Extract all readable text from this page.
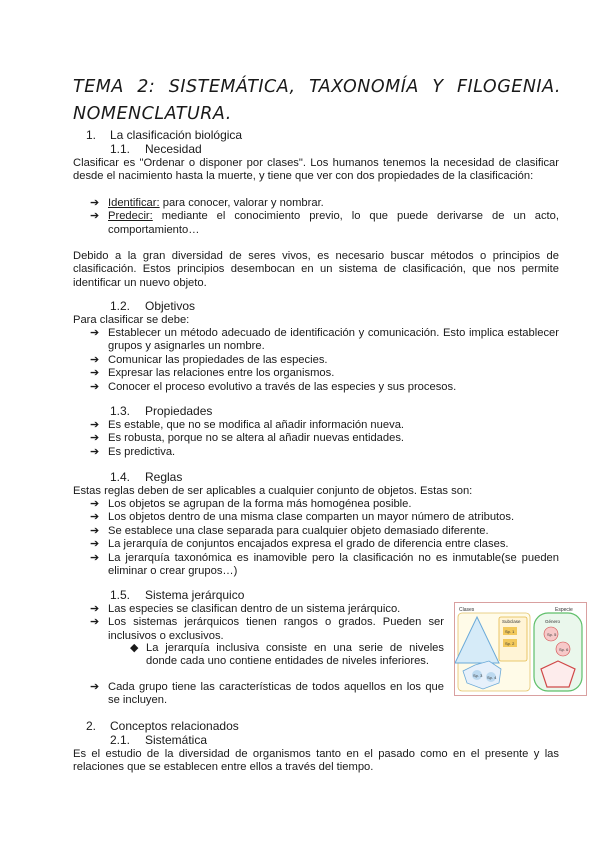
TEMA 2: SISTEMÁTICA, TAXONOMÍA Y FILOGENIA.
NOMENCLATURA.
1. La clasificación biológica
1.1. Necesidad

Clasificar es "Ordenar o disponer por clases". Los humanos tenemos la necesidad de clasificar desde el nacimiento hasta la muerte, y tiene que ver con dos propiedades de la clasificación:

➔ Identificar: para conocer, valorar y nombrar.
➔ Predecir: mediante el conocimiento previo, lo que puede derivarse de un acto, comportamiento…

Debido a la gran diversidad de seres vivos, es necesario buscar métodos o principios de clasificación. Estos principios desembocan en un sistema de clasificación, que nos permite identificar un nuevo objeto.

1.2. Objetivos

Para clasificar se debe:

➔ Establecer un método adecuado de identificación y comunicación. Esto implica establecer grupos y asignarles un nombre.
➔ Comunicar las propiedades de las especies.
➔ Expresar las relaciones entre los organismos.
➔ Conocer el proceso evolutivo a través de las especies y sus procesos.
1.3. Propiedades
➔ Es estable, que no se modifica al añadir información nueva.
➔ Es robusta, porque no se altera al añadir nuevas entidades.
➔ Es predictiva.
1.4. Reglas

Estas reglas deben de ser aplicables a cualquier conjunto de objetos. Estas son:

➔ Los objetos se agrupan de la forma más homogénea posible.
➔ Los objetos dentro de una misma clase comparten un mayor número de atributos.
➔ Se establece una clase separada para cualquier objeto demasiado diferente.
➔ La jerarquía de conjuntos encajados expresa el grado de diferencia entre clases.
➔ La jerarquía taxonómica es inamovible pero la clasificación no es inmutable(se pueden eliminar o crear grupos…)
1.5. Sistema jerárquico
➔ Las especies se clasifican dentro de un sistema jerárquico.
➔ Los sistemas jerárquicos tienen rangos o grados. Pueden ser inclusivos o exclusivos.
◆ La jerarquía inclusiva consiste en una serie de niveles donde cada uno contiene entidades de niveles inferiores.
➔ Cada grupo tiene las características de todos aquellos en los que se incluyen.
Clases	Especie
Subclase
Sp. 1
Sp. 2
Sp. 3 Sp. 4
Género
Sp. 5
Sp. 6
2. Conceptos relacionados
2.1. Sistemática

Es el estudio de la diversidad de organismos tanto en el pasado como en el presente y las relaciones que se establecen entre ellos a través del tiempo.
